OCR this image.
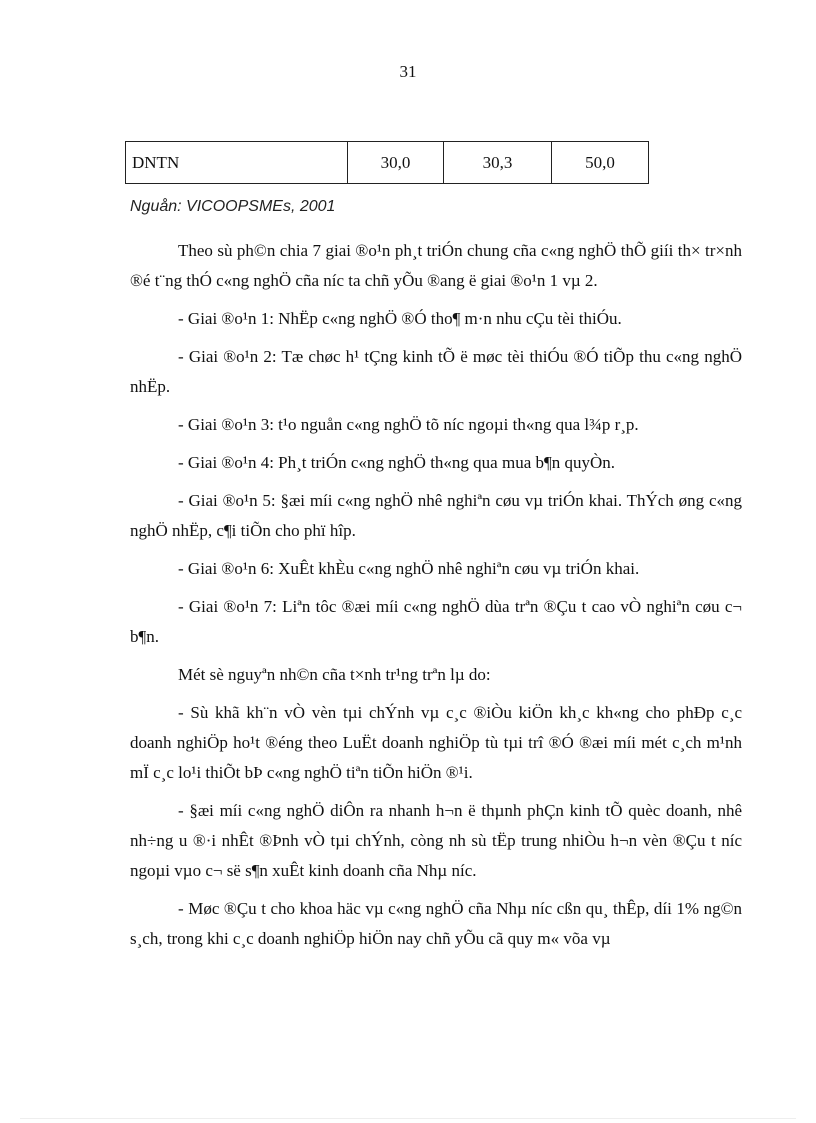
31
DNTN	30,0	30,3	50,0
Nguån: VICOOPSMEs, 2001

Theo sù ph©n chia 7 giai ®o¹n ph¸t triÓn chung cña c«ng nghÖ thÕ giíi th× tr×nh ®é t¨ng thÓ c«ng nghÖ cña níc ta chñ yÕu ®ang ë giai ®o¹n 1 vµ 2.

- Giai ®o¹n 1: NhËp c«ng nghÖ ®Ó tho¶ m·n nhu cÇu tèi thiÓu.

- Giai ®o¹n 2: Tæ chøc h¹ tÇng kinh tÕ ë møc tèi thiÓu ®Ó tiÕp thu c«ng nghÖ nhËp.

- Giai ®o¹n 3: t¹o nguån c«ng nghÖ tõ níc ngoµi th«ng qua l¾p r¸p.

- Giai ®o¹n 4: Ph¸t triÓn c«ng nghÖ th«ng qua mua b¶n quyÒn.

- Giai ®o¹n 5: §æi míi c«ng nghÖ nhê nghiªn cøu vµ triÓn khai. ThÝch øng c«ng nghÖ nhËp, c¶i tiÕn cho phï hîp.

- Giai ®o¹n 6: XuÊt khÈu c«ng nghÖ nhê nghiªn cøu vµ triÓn khai.

- Giai ®o¹n 7: Liªn tôc ®æi míi c«ng nghÖ dùa trªn ®Çu t cao vÒ nghiªn cøu c¬ b¶n.

Mét sè nguyªn nh©n cña t×nh tr¹ng trªn lµ do:

- Sù khã kh¨n vÒ vèn tµi chÝnh vµ c¸c ®iÒu kiÖn kh¸c kh«ng cho phÐp c¸c doanh nghiÖp ho¹t ®éng theo LuËt doanh nghiÖp tù tµi trî ®Ó ®æi míi mét c¸ch m¹nh mÏ c¸c lo¹i thiÕt bÞ c«ng nghÖ tiªn tiÕn hiÖn ®¹i.

- §æi míi c«ng nghÖ diÔn ra nhanh h¬n ë thµnh phÇn kinh tÕ quèc doanh, nhê nh÷ng u ®·i nhÊt ®Þnh vÒ tµi chÝnh, còng nh sù tËp trung nhiÒu h¬n vèn ®Çu t níc ngoµi vµo c¬ së s¶n xuÊt kinh doanh cña Nhµ níc.

- Møc ®Çu t cho khoa häc vµ c«ng nghÖ cña Nhµ níc cßn qu¸ thÊp, díi 1% ng©n s¸ch, trong khi c¸c doanh nghiÖp hiÖn nay chñ yÕu cã quy m« võa vµ
